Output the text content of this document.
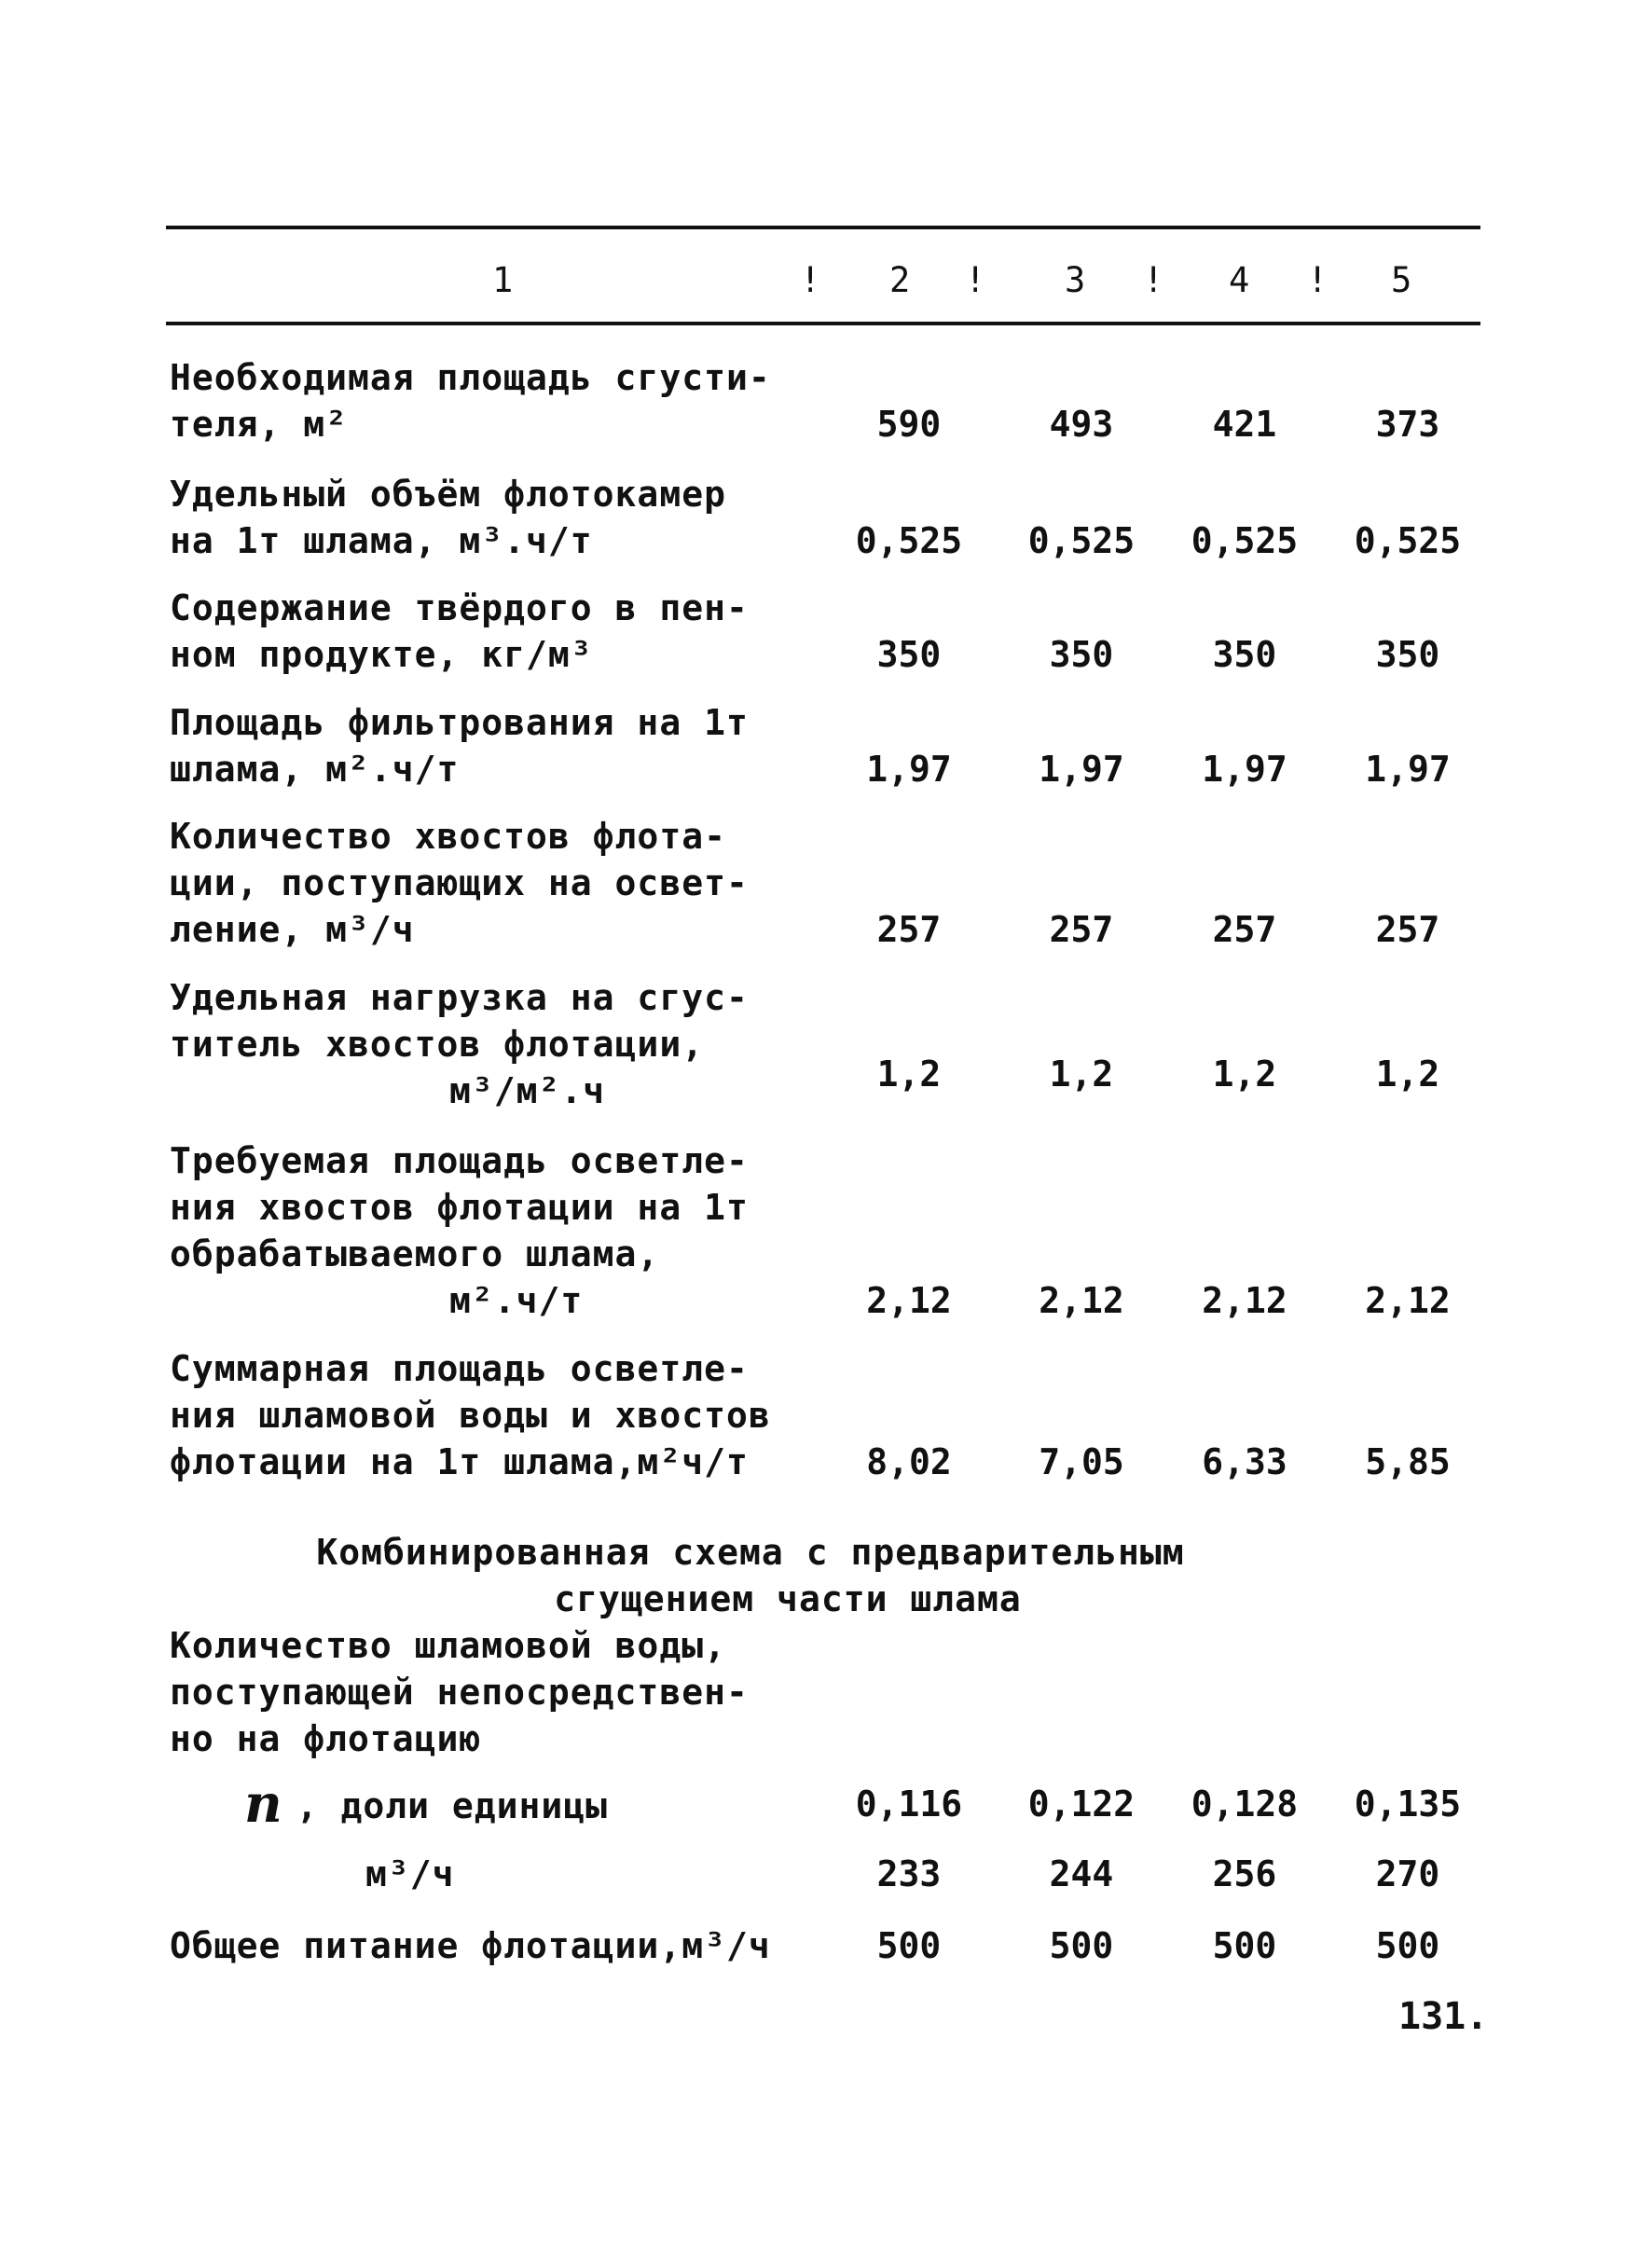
1	! 2 ! 3 ! 4 ! 5
Необходимая площадь сгусти-
теля, м²	590	493	421	373
Удельный объём флотокамер
на 1т шлама, м³.ч/т	0,525	0,525	0,525	0,525
Содержание твёрдого в пен-
ном продукте, кг/м³	350	350	350	350
Площадь фильтрования на 1т
шлама, м².ч/т	1,97	1,97	1,97	1,97
Количество хвостов флота-
ции, поступающих на освет-
ление, м³/ч	257	257	257	257
Удельная нагрузка на сгус-
титель хвостов флотации,
м³/м².ч	1,2	1,2	1,2	1,2
Требуемая площадь осветле-
ния хвостов флотации на 1т
обрабатываемого шлама,
м².ч/т	2,12	2,12	2,12	2,12
Суммарная площадь осветле-
ния шламовой воды и хвостов
флотации на 1т шлама,м²ч/т	8,02	7,05	6,33	5,85
Комбинированная схема с предварительным
сгущением части шлама
Количество шламовой воды,
поступающей непосредствен-
но на флотацию
n , доли единицы	0,116	0,122	0,128	0,135
м³/ч	233	244	256	270
Общее питание флотации,м³/ч	500	500	500	500
131.
